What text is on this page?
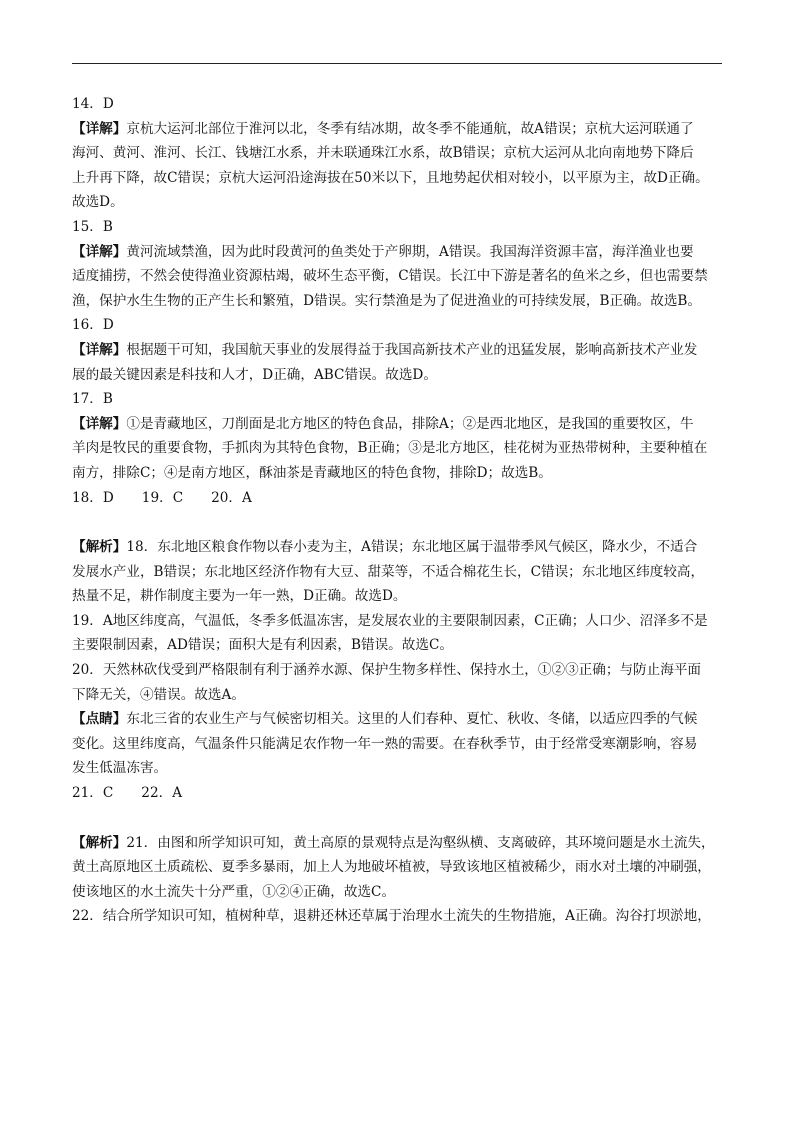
14．D
【详解】京杭大运河北部位于淮河以北，冬季有结冰期，故冬季不能通航，故A错误；京杭大运河联通了
海河、黄河、淮河、长江、钱塘江水系，并未联通珠江水系，故B错误；京杭大运河从北向南地势下降后
上升再下降，故C错误；京杭大运河沿途海拔在50米以下，且地势起伏相对较小，以平原为主，故D正确。
故选D。
15．B
【详解】黄河流域禁渔，因为此时段黄河的鱼类处于产卵期，A错误。我国海洋资源丰富，海洋渔业也要
适度捕捞，不然会使得渔业资源枯竭，破坏生态平衡，C错误。长江中下游是著名的鱼米之乡，但也需要禁
渔，保护水生生物的正产生长和繁殖，D错误。实行禁渔是为了促进渔业的可持续发展，B正确。故选B。
16．D
【详解】根据题干可知，我国航天事业的发展得益于我国高新技术产业的迅猛发展，影响高新技术产业发
展的最关键因素是科技和人才，D正确，ABC错误。故选D。
17．B
【详解】①是青藏地区，刀削面是北方地区的特色食品，排除A；②是西北地区，是我国的重要牧区，牛
羊肉是牧民的重要食物，手抓肉为其特色食物，B正确；③是北方地区，桂花树为亚热带树种，主要种植在
南方，排除C；④是南方地区，酥油茶是青藏地区的特色食物，排除D；故选B。
18．D 19．C 20．A
【解析】18．东北地区粮食作物以春小麦为主，A错误；东北地区属于温带季风气候区，降水少，不适合
发展水产业，B错误；东北地区经济作物有大豆、甜菜等，不适合棉花生长，C错误；东北地区纬度较高，
热量不足，耕作制度主要为一年一熟，D正确。故选D。
19．A地区纬度高，气温低，冬季多低温冻害，是发展农业的主要限制因素，C正确；人口少、沼泽多不是
主要限制因素，AD错误；面积大是有利因素，B错误。故选C。
20．天然林砍伐受到严格限制有利于涵养水源、保护生物多样性、保持水土，①②③正确；与防止海平面
下降无关，④错误。故选A。
【点睛】东北三省的农业生产与气候密切相关。这里的人们春种、夏忙、秋收、冬储，以适应四季的气候
变化。这里纬度高，气温条件只能满足农作物一年一熟的需要。在春秋季节，由于经常受寒潮影响，容易
发生低温冻害。
21．C 22．A
【解析】21．由图和所学知识可知，黄土高原的景观特点是沟壑纵横、支离破碎，其环境问题是水土流失，
黄土高原地区土质疏松、夏季多暴雨，加上人为地破坏植被，导致该地区植被稀少，雨水对土壤的冲刷强，
使该地区的水土流失十分严重，①②④正确，故选C。
22．结合所学知识可知，植树种草，退耕还林还草属于治理水土流失的生物措施，A正确。沟谷打坝淤地，
